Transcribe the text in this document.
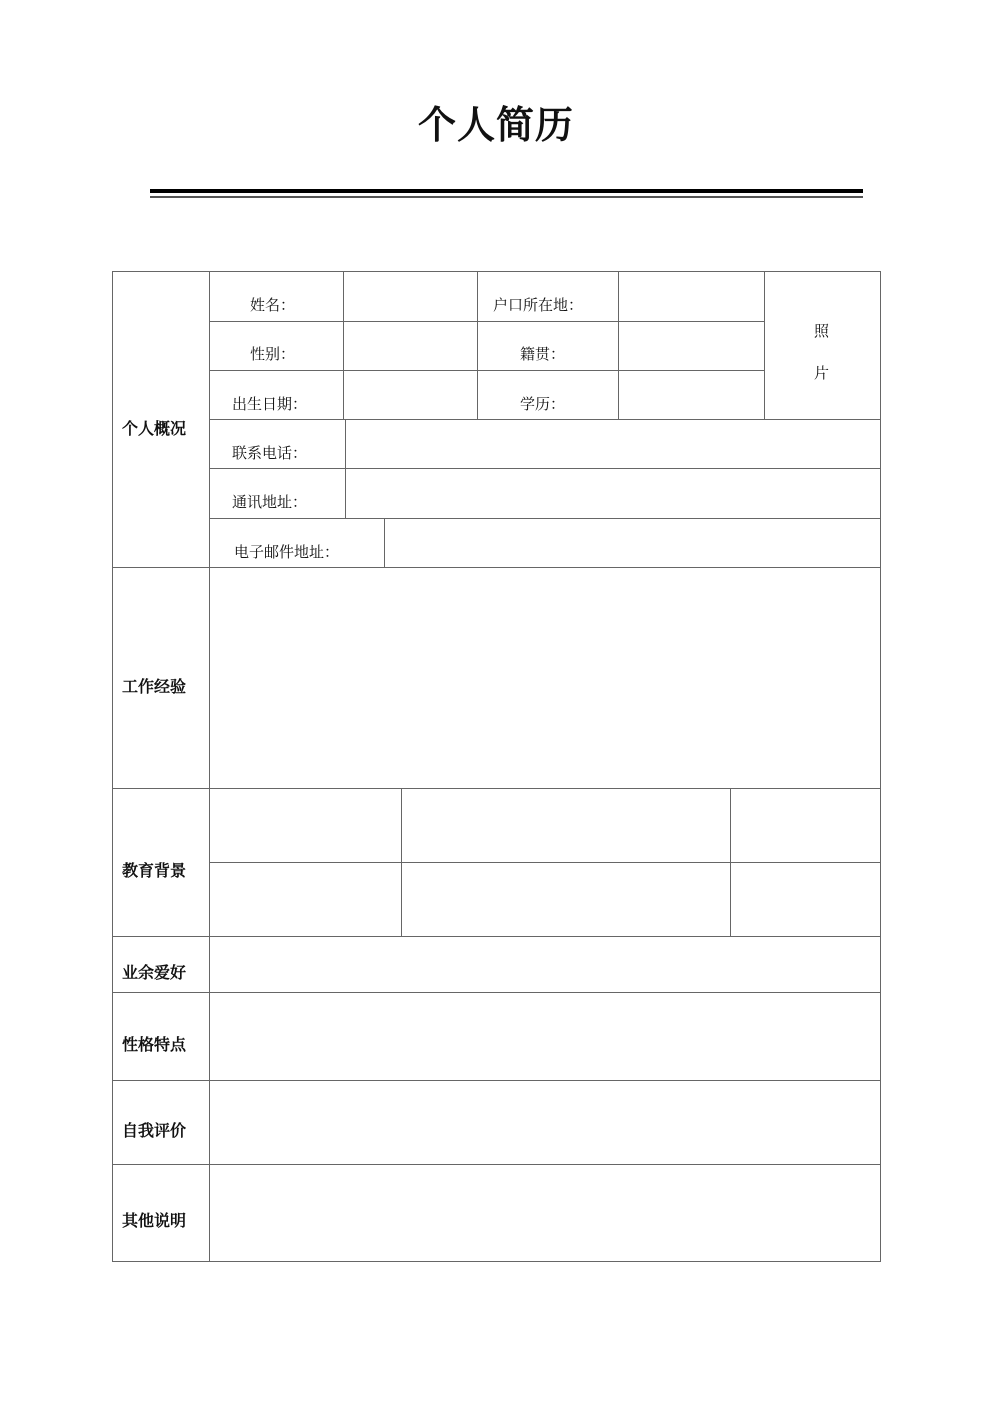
个人简历
个人概况
姓名：	户口所在地：
照
片
性别：	籍贯：
出生日期：	学历：
联系电话：
通讯地址：
电子邮件地址：
工作经验
教育背景
业余爱好
性格特点
自我评价
其他说明
